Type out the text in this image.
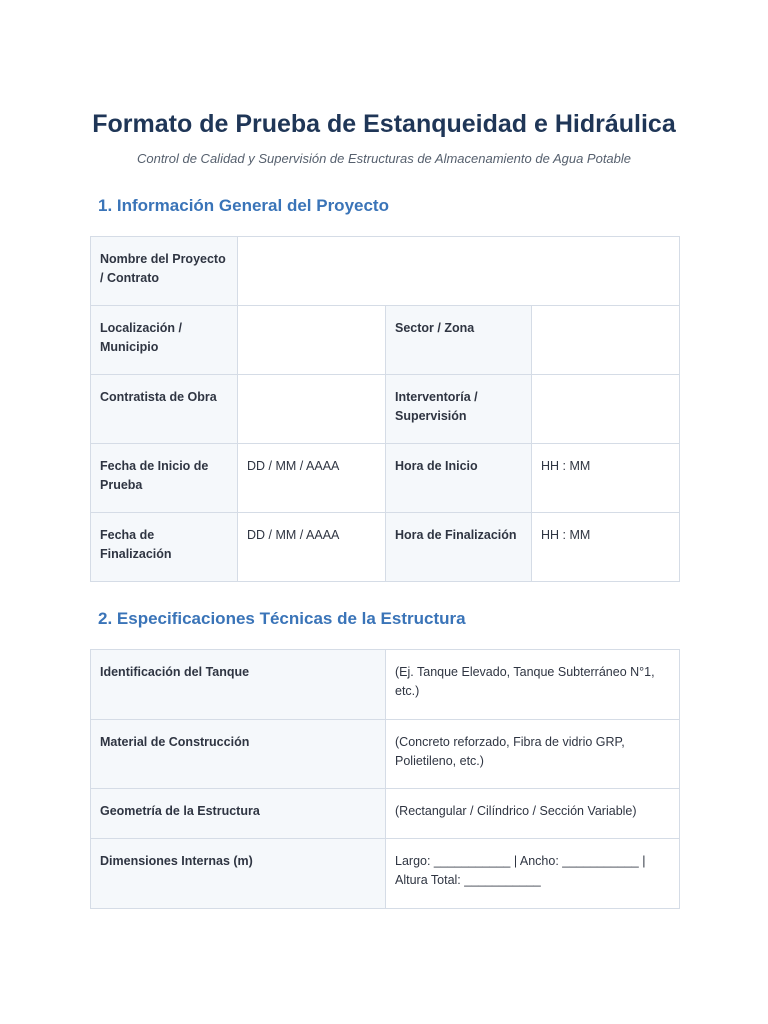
Formato de Prueba de Estanqueidad e Hidráulica
Control de Calidad y Supervisión de Estructuras de Almacenamiento de Agua Potable
1. Información General del Proyecto
Nombre del Proyecto / Contrato			
Localización / Municipio		Sector / Zona	
Contratista de Obra		Interventoría / Supervisión	
Fecha de Inicio de Prueba	DD / MM / AAAA	Hora de Inicio	HH : MM
Fecha de Finalización	DD / MM / AAAA	Hora de Finalización	HH : MM
2. Especificaciones Técnicas de la Estructura
Identificación del Tanque	(Ej. Tanque Elevado, Tanque Subterráneo N°1, etc.)
Material de Construcción	(Concreto reforzado, Fibra de vidrio GRP, Polietileno, etc.)
Geometría de la Estructura	(Rectangular / Cilíndrico / Sección Variable)
Dimensiones Internas (m)	Largo: ___________ | Ancho: ___________ | Altura Total: ___________
